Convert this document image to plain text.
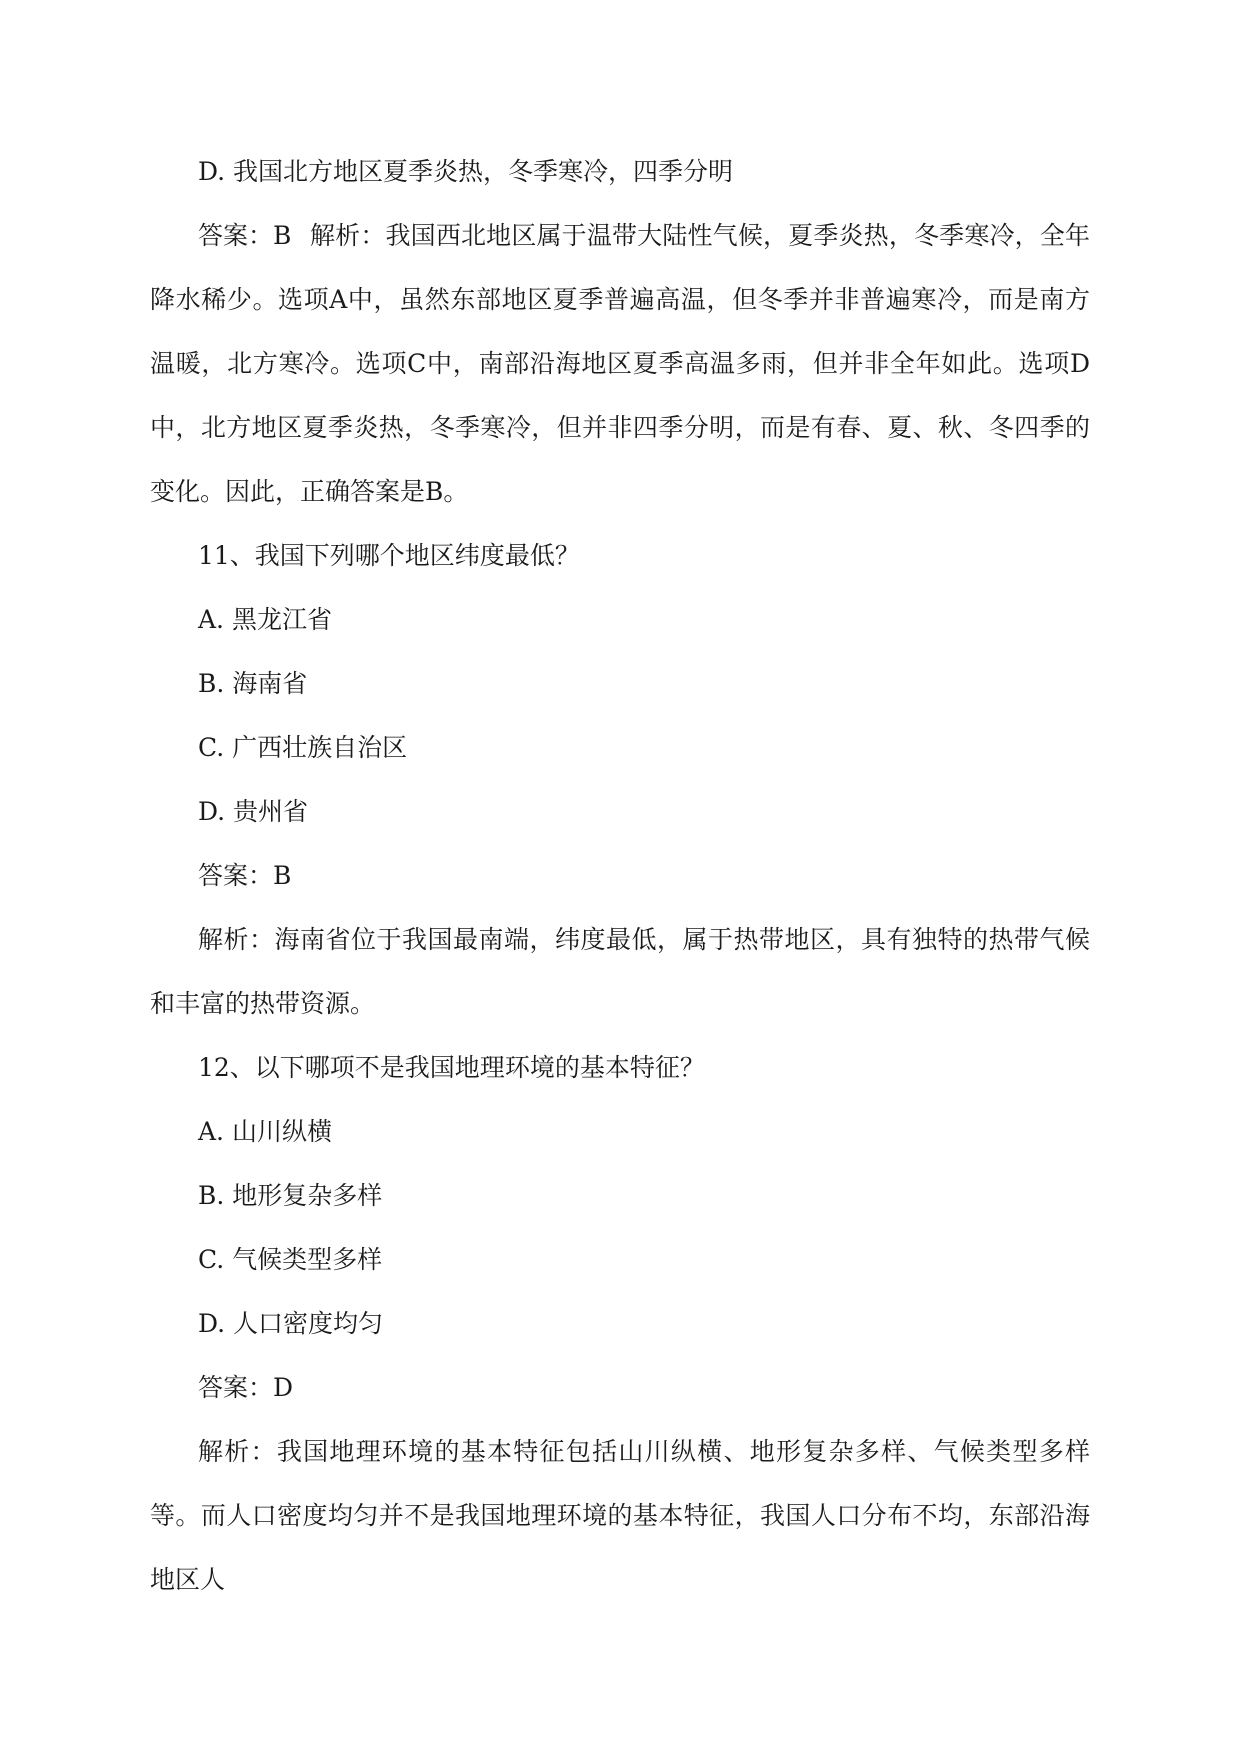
D. 我国北方地区夏季炎热，冬季寒冷，四季分明
答案：B 解析：我国西北地区属于温带大陆性气候，夏季炎热，冬季寒冷，全年降水稀少。选项A中，虽然东部地区夏季普遍高温，但冬季并非普遍寒冷，而是南方温暖，北方寒冷。选项C中，南部沿海地区夏季高温多雨，但并非全年如此。选项D中，北方地区夏季炎热，冬季寒冷，但并非四季分明，而是有春、夏、秋、冬四季的变化。因此，正确答案是B。

11、我国下列哪个地区纬度最低？
A. 黑龙江省
B. 海南省
C. 广西壮族自治区
D. 贵州省
答案：B

解析：海南省位于我国最南端，纬度最低，属于热带地区，具有独特的热带气候和丰富的热带资源。

12、以下哪项不是我国地理环境的基本特征？
A. 山川纵横
B. 地形复杂多样
C. 气候类型多样
D. 人口密度均匀
答案：D

解析：我国地理环境的基本特征包括山川纵横、地形复杂多样、气候类型多样等。而人口密度均匀并不是我国地理环境的基本特征，我国人口分布不均，东部沿海地区人
